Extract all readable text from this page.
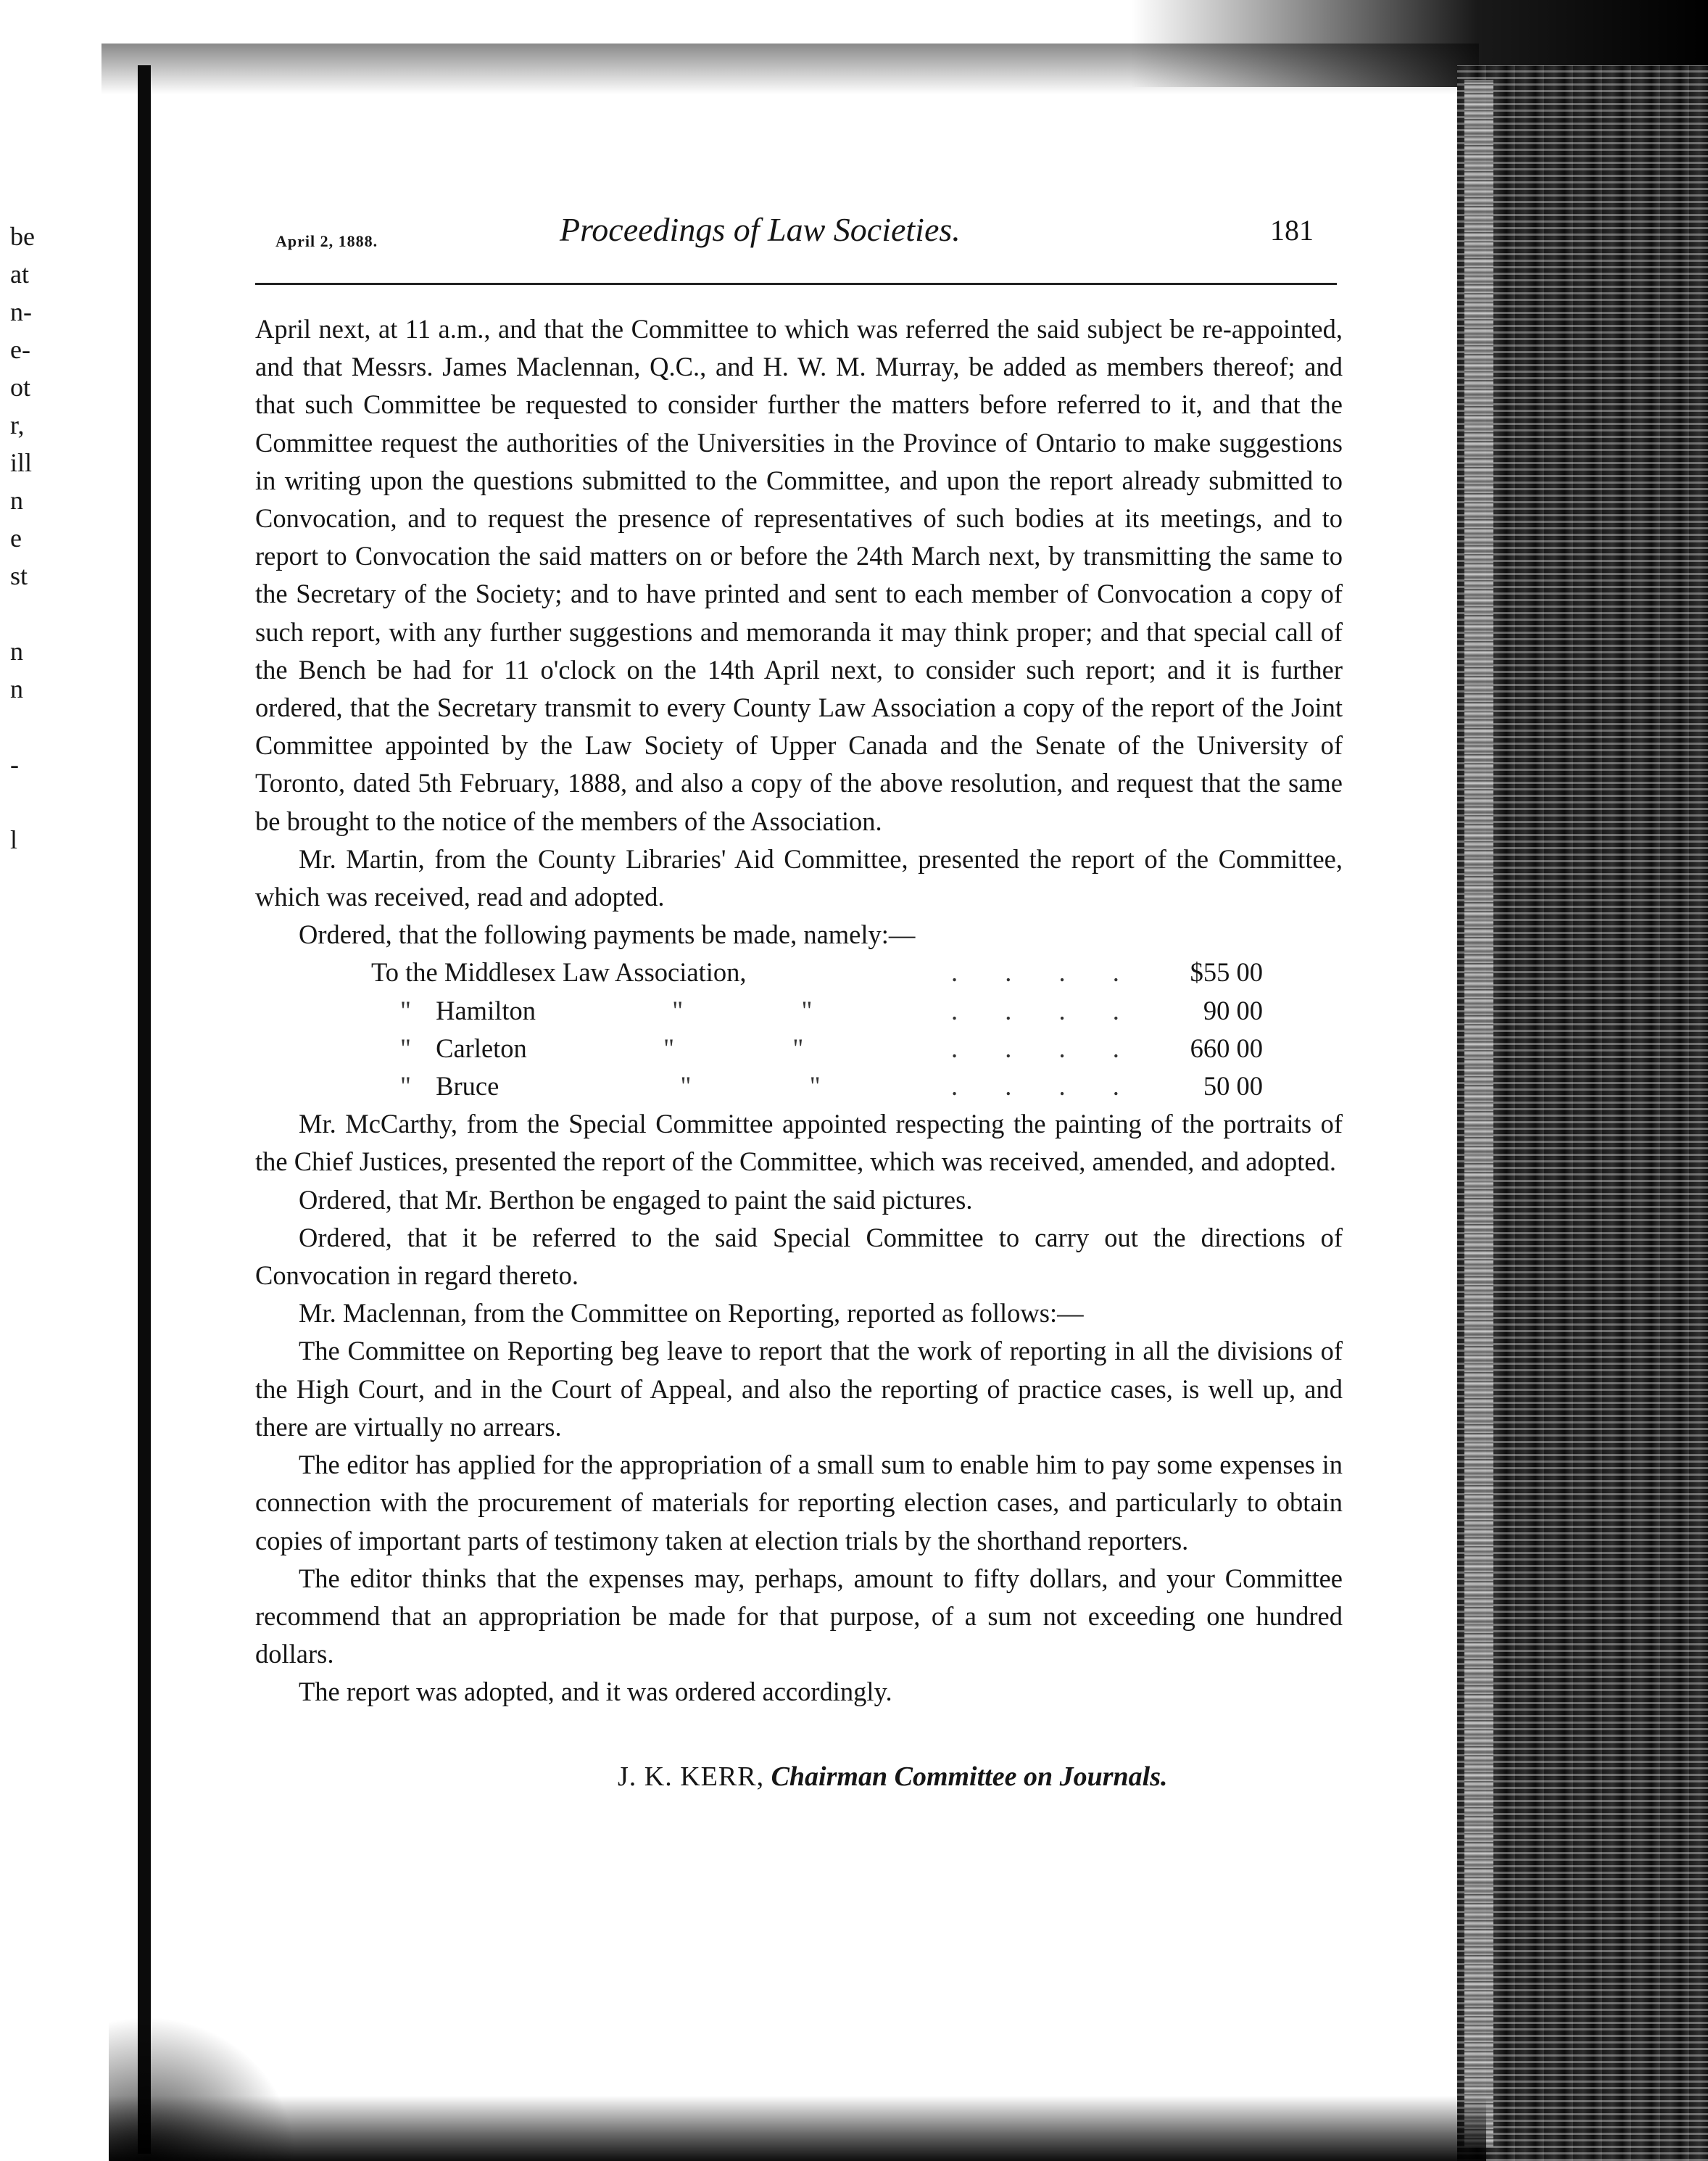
be
at
n-
e-
ot
r,
ill
n
e
st
n
n
-
l
April 2, 1888.	Proceedings of Law Societies.	181

April next, at 11 a.m., and that the Committee to which was referred the said subject be re-appointed, and that Messrs. James Maclennan, Q.C., and H. W. M. Murray, be added as members thereof; and that such Committee be requested to consider further the matters before referred to it, and that the Committee request the authorities of the Universities in the Province of Ontario to make suggestions in writing upon the questions submitted to the Committee, and upon the report already submitted to Convocation, and to request the presence of representatives of such bodies at its meetings, and to report to Convocation the said matters on or before the 24th March next, by transmitting the same to the Secretary of the Society; and to have printed and sent to each member of Convocation a copy of such report, with any further suggestions and memoranda it may think proper; and that special call of the Bench be had for 11 o'clock on the 14th April next, to consider such report; and it is further ordered, that the Secretary transmit to every County Law Association a copy of the report of the Joint Committee appointed by the Law Society of Upper Canada and the Senate of the University of Toronto, dated 5th February, 1888, and also a copy of the above resolution, and request that the same be brought to the notice of the members of the Association.

Mr. Martin, from the County Libraries' Aid Committee, presented the report of the Committee, which was received, read and adopted.

Ordered, that the following payments be made, namely:—

To the Middlesex Law Association,	. . . .	$55 00
" Hamilton " "	. . . .	90 00
" Carleton " "	. . . .	660 00
" Bruce " "	. . . .	50 00

Mr. McCarthy, from the Special Committee appointed respecting the painting of the portraits of the Chief Justices, presented the report of the Committee, which was received, amended, and adopted.

Ordered, that Mr. Berthon be engaged to paint the said pictures.

Ordered, that it be referred to the said Special Committee to carry out the directions of Convocation in regard thereto.

Mr. Maclennan, from the Committee on Reporting, reported as follows:—

The Committee on Reporting beg leave to report that the work of reporting in all the divisions of the High Court, and in the Court of Appeal, and also the reporting of practice cases, is well up, and there are virtually no arrears.

The editor has applied for the appropriation of a small sum to enable him to pay some expenses in connection with the procurement of materials for reporting election cases, and particularly to obtain copies of important parts of testimony taken at election trials by the shorthand reporters.

The editor thinks that the expenses may, perhaps, amount to fifty dollars, and your Committee recommend that an appropriation be made for that purpose, of a sum not exceeding one hundred dollars.

The report was adopted, and it was ordered accordingly.

J. K. KERR, Chairman Committee on Journals.
